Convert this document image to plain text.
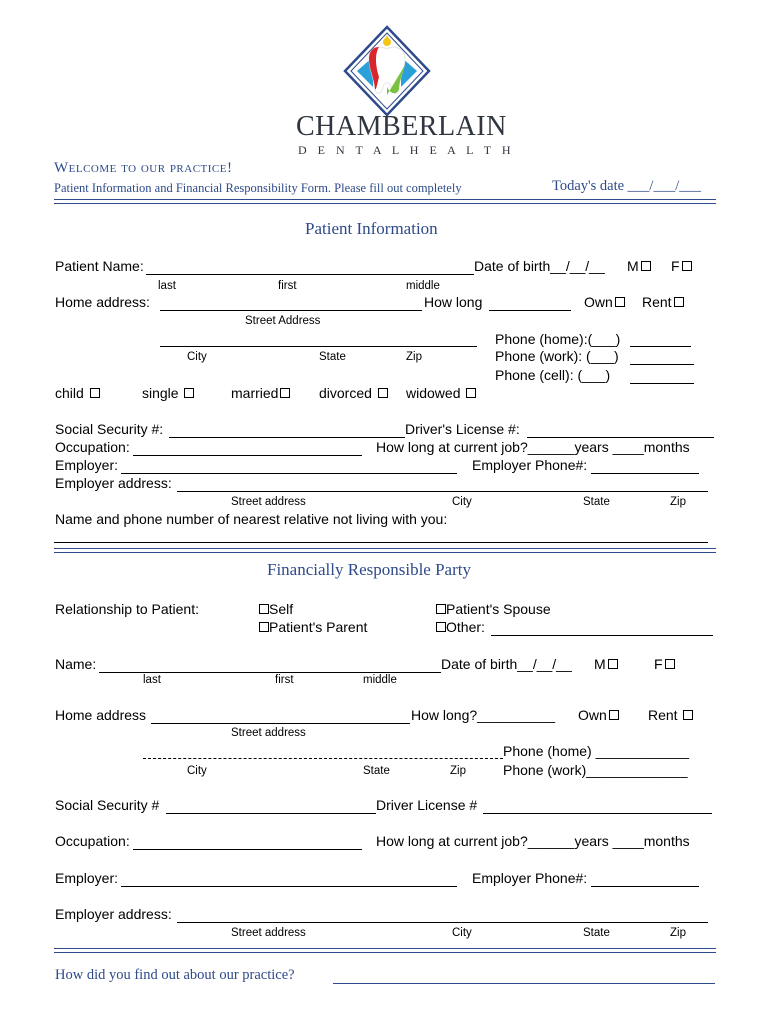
CHAMBERLAIN
D E N T A L H E A L T H
Welcome to our practice!
Patient Information and Financial Responsibility Form. Please fill out completely	Today's date ___/___/___
Patient Information
Patient Name:	Date of birth__/__/__ M	F
last	first	middle
Home address:	How long	Own	Rent
Street Address
Phone (home):(___)
City	State	Zip	Phone (work): (___)
Phone (cell): (___)
child	single	married	divorced	widowed
Social Security #:	Driver's License #:
Occupation:	How long at current job?______years ____months
Employer:	Employer Phone#:
Employer address:
Street address	City	State	Zip
Name and phone number of nearest relative not living with you:
Financially Responsible Party
Relationship to Patient:	Self
Patient's Parent
Patient's Spouse
Other:
Name:	Date of birth__/__/__ M	F
last	first	middle
Home address	How long?__________ Own	Rent
Street address
Phone (home) ____________
City	State	Zip	Phone (work)_____________
Social Security #	Driver License #
Occupation:	How long at current job?______years ____months
Employer:	Employer Phone#:
Employer address:
Street address	City	State	Zip
How did you find out about our practice?
